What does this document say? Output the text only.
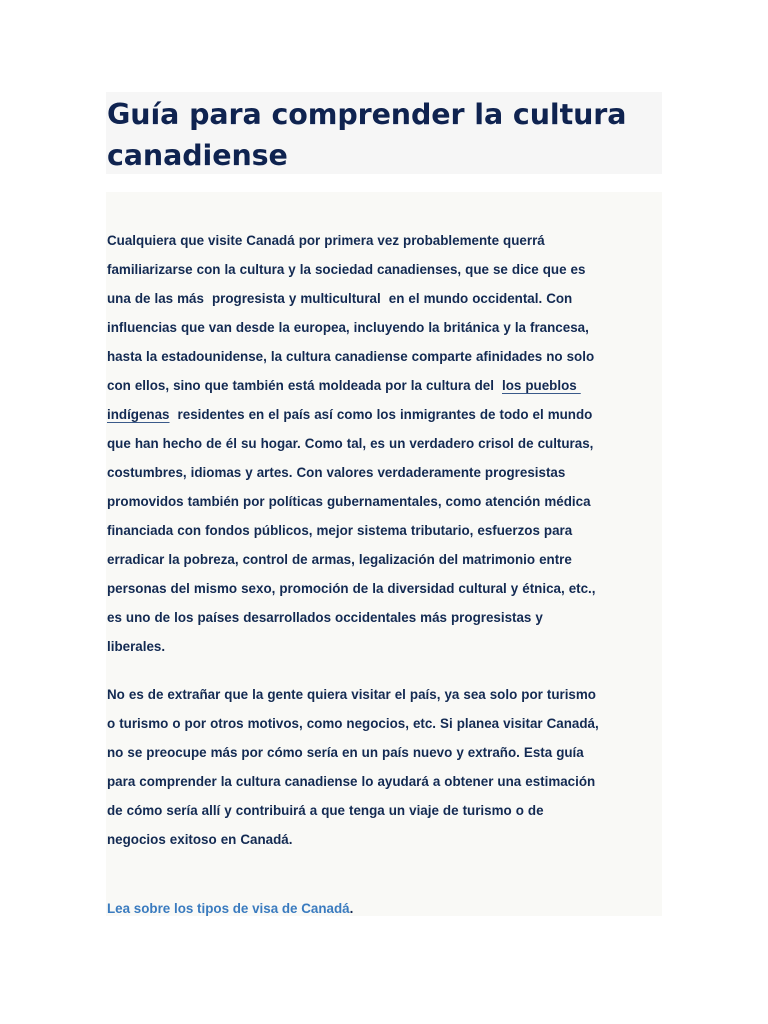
Guía para comprender la cultura
canadiense
Cualquiera que visite Canadá por primera vez probablemente querrá
familiarizarse con la cultura y la sociedad canadienses, que se dice que es
una de las más  progresista y multicultural  en el mundo occidental. Con
influencias que van desde la europea, incluyendo la británica y la francesa,
hasta la estadounidense, la cultura canadiense comparte afinidades no solo
con ellos, sino que también está moldeada por la cultura del  los pueblos
indígenas  residentes en el país así como los inmigrantes de todo el mundo
que han hecho de él su hogar. Como tal, es un verdadero crisol de culturas,
costumbres, idiomas y artes. Con valores verdaderamente progresistas
promovidos también por políticas gubernamentales, como atención médica
financiada con fondos públicos, mejor sistema tributario, esfuerzos para
erradicar la pobreza, control de armas, legalización del matrimonio entre
personas del mismo sexo, promoción de la diversidad cultural y étnica, etc.,
es uno de los países desarrollados occidentales más progresistas y
liberales.
No es de extrañar que la gente quiera visitar el país, ya sea solo por turismo
o turismo o por otros motivos, como negocios, etc. Si planea visitar Canadá,
no se preocupe más por cómo sería en un país nuevo y extraño. Esta guía
para comprender la cultura canadiense lo ayudará a obtener una estimación
de cómo sería allí y contribuirá a que tenga un viaje de turismo o de
negocios exitoso en Canadá.
Lea sobre los tipos de visa de Canadá.
